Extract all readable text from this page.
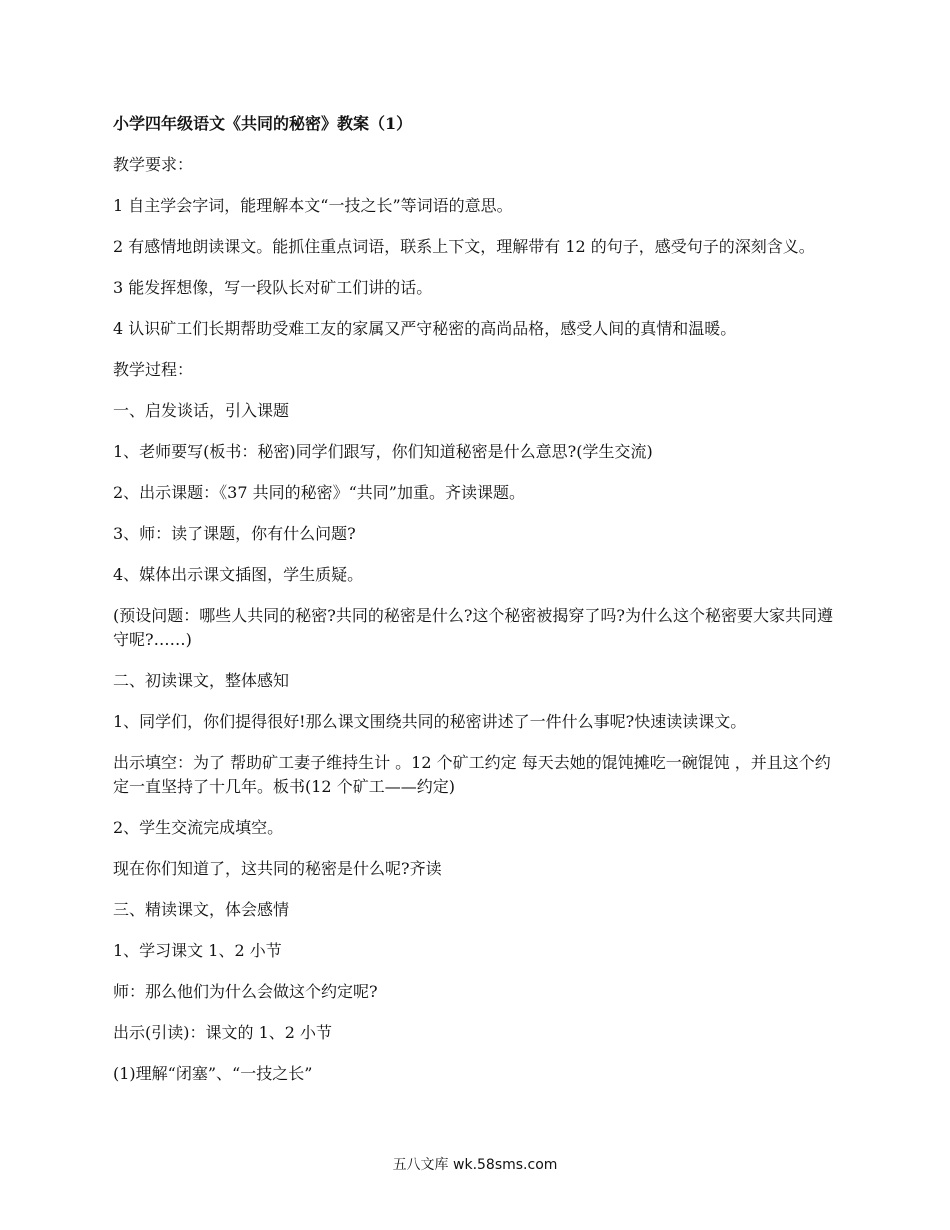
小学四年级语文《共同的秘密》教案（1）
教学要求：
1 自主学会字词，能理解本文“一技之长”等词语的意思。
2 有感情地朗读课文。能抓住重点词语，联系上下文，理解带有 12 的句子，感受句子的深刻含义。
3 能发挥想像，写一段队长对矿工们讲的话。
4 认识矿工们长期帮助受难工友的家属又严守秘密的高尚品格，感受人间的真情和温暖。
教学过程：
一、启发谈话，引入课题
1、老师要写(板书：秘密)同学们跟写，你们知道秘密是什么意思?(学生交流)
2、出示课题：《37 共同的秘密》“共同”加重。齐读课题。
3、师：读了课题，你有什么问题?
4、媒体出示课文插图，学生质疑。
(预设问题：哪些人共同的秘密?共同的秘密是什么?这个秘密被揭穿了吗?为什么这个秘密要大家共同遵守呢?……)
二、初读课文，整体感知
1、同学们，你们提得很好!那么课文围绕共同的秘密讲述了一件什么事呢?快速读读课文。
出示填空：为了 帮助矿工妻子维持生计 。12 个矿工约定 每天去她的馄饨摊吃一碗馄饨 ，并且这个约定一直坚持了十几年。板书(12 个矿工——约定)
2、学生交流完成填空。
现在你们知道了，这共同的秘密是什么呢?齐读
三、精读课文，体会感情
1、学习课文 1、2 小节
师：那么他们为什么会做这个约定呢?
出示(引读)：课文的 1、2 小节
(1)理解“闭塞”、“一技之长”
五八文库 wk.58sms.com
